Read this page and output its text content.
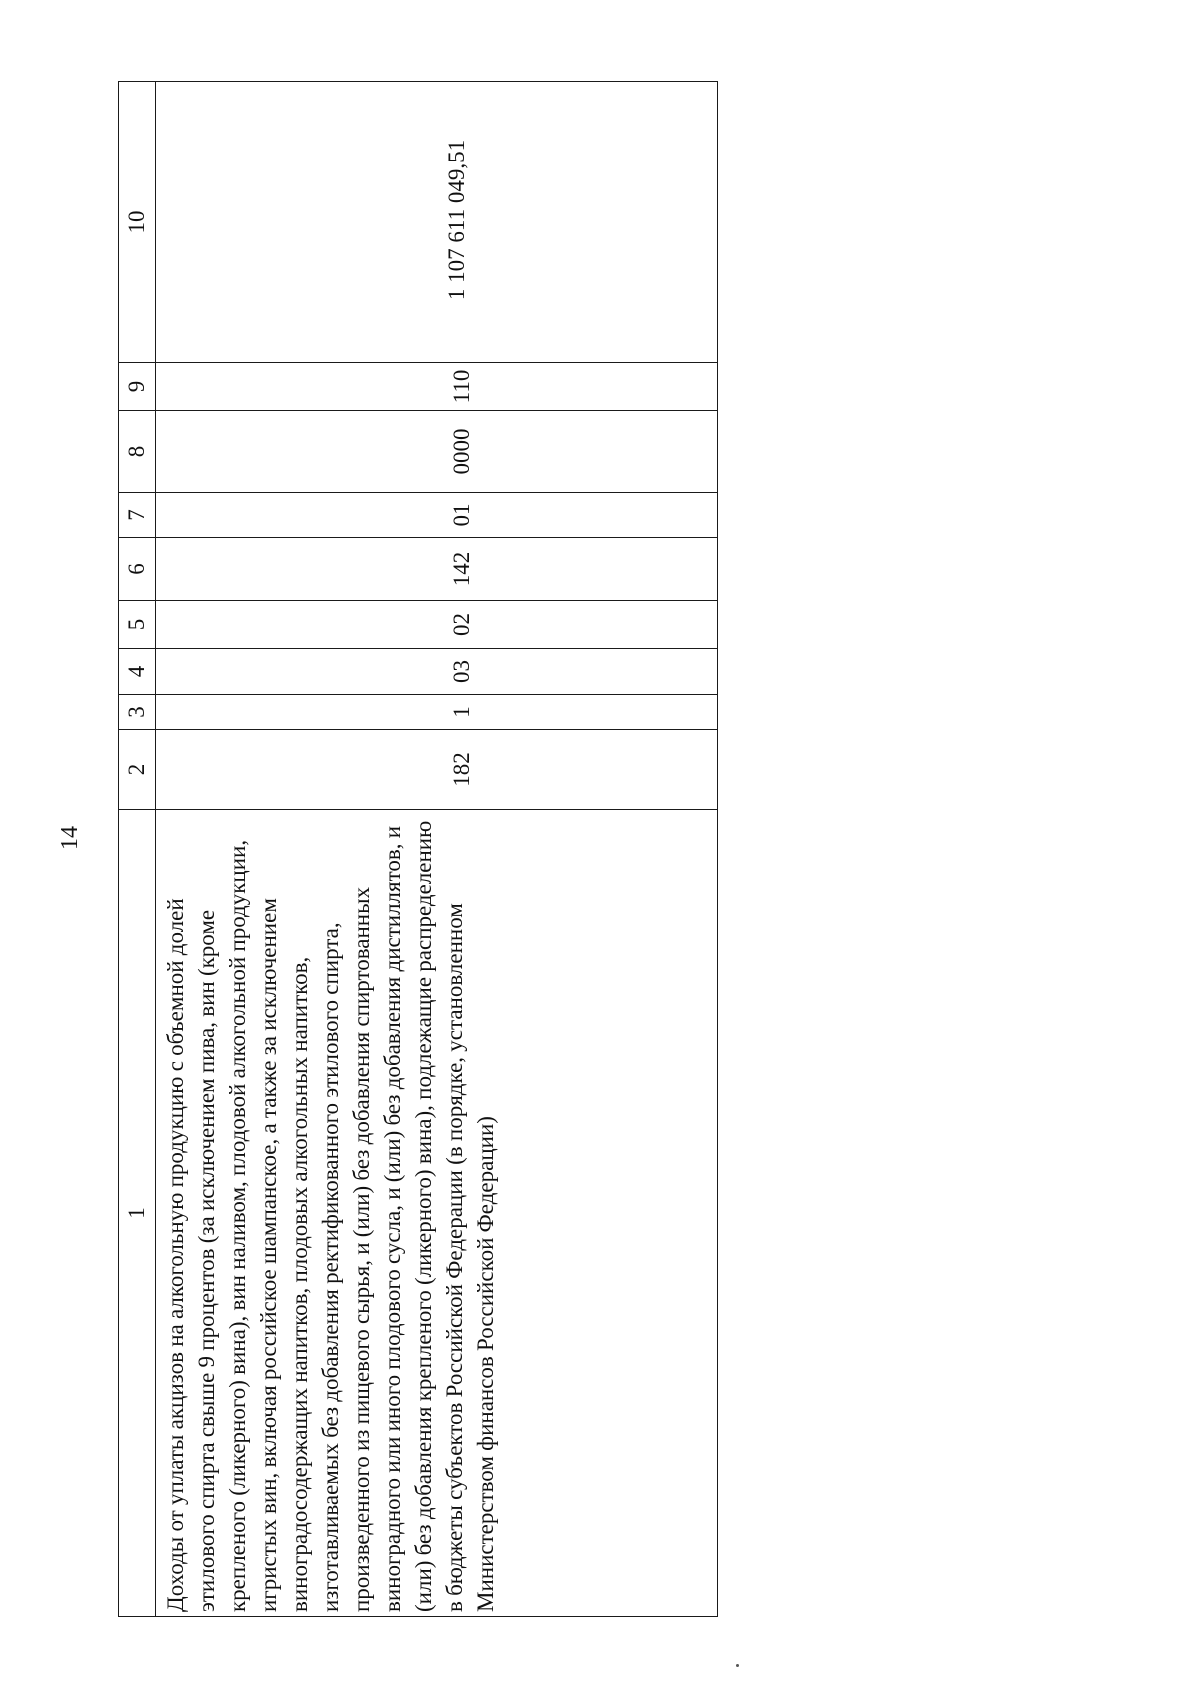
14
1	2	3	4	5	6	7	8	9	10
Доходы от уплаты акцизов на алкогольную продукцию с объемной долей этилового спирта свыше 9 процентов (за исключением пива, вин (кроме крепленого (ликерного) вина), вин наливом, плодовой алкогольной продукции, игристых вин, включая российское шампанское, а также за исключением виноградосодержащих напитков, плодовых алкогольных напитков, изготавливаемых без добавления ректификованного этилового спирта, произведенного из пищевого сырья, и (или) без добавления спиртованных виноградного или иного плодового сусла, и (или) без добавления дистиллятов, и (или) без добавления крепленого (ликерного) вина), подлежащие распределению в бюджеты субъектов Российской Федерации (в порядке, установленном Министерством финансов Российской Федерации)	182	1	03	02	142	01	0000	110	1 107 611 049,51
